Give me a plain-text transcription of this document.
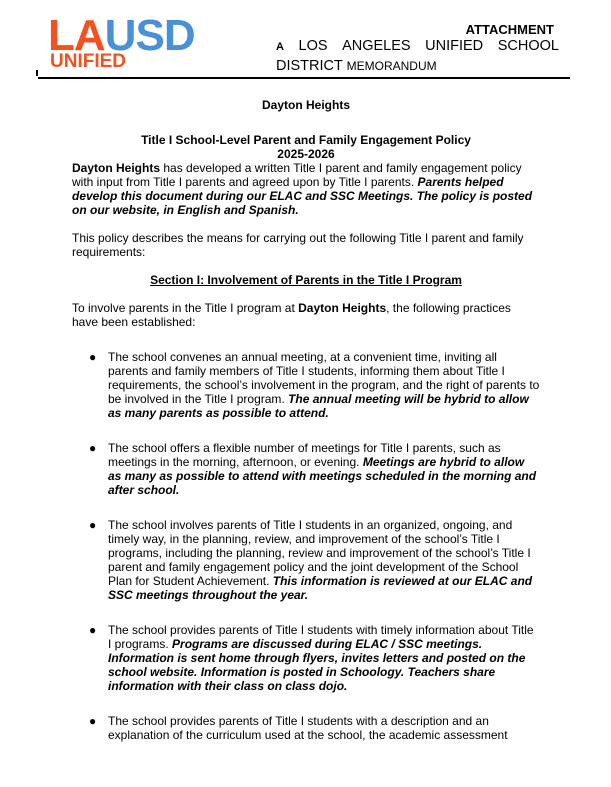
LAUSD
UNIFIED
ATTACHMENT
A LOS ANGELES UNIFIED SCHOOL
DISTRICT MEMORANDUM

Dayton Heights

Title I School-Level Parent and Family Engagement Policy

2025-2026

Dayton Heights has developed a written Title I parent and family engagement policy with input from Title I parents and agreed upon by Title I parents. Parents helped develop this document during our ELAC and SSC Meetings. The policy is posted on our website, in English and Spanish.

This policy describes the means for carrying out the following Title I parent and family requirements:

Section I: Involvement of Parents in the Title I Program

To involve parents in the Title I program at Dayton Heights, the following practices have been established:

● The school convenes an annual meeting, at a convenient time, inviting all parents and family members of Title I students, informing them about Title I requirements, the school’s involvement in the program, and the right of parents to be involved in the Title I program. The annual meeting will be hybrid to allow as many parents as possible to attend.
● The school offers a flexible number of meetings for Title I parents, such as meetings in the morning, afternoon, or evening. Meetings are hybrid to allow as many as possible to attend with meetings scheduled in the morning and after school.
● The school involves parents of Title I students in an organized, ongoing, and timely way, in the planning, review, and improvement of the school’s Title I programs, including the planning, review and improvement of the school’s Title I parent and family engagement policy and the joint development of the School Plan for Student Achievement. This information is reviewed at our ELAC and SSC meetings throughout the year.
● The school provides parents of Title I students with timely information about Title I programs. Programs are discussed during ELAC / SSC meetings. Information is sent home through flyers, invites letters and posted on the school website. Information is posted in Schoology. Teachers share information with their class on class dojo.
● The school provides parents of Title I students with a description and an explanation of the curriculum used at the school, the academic assessment
